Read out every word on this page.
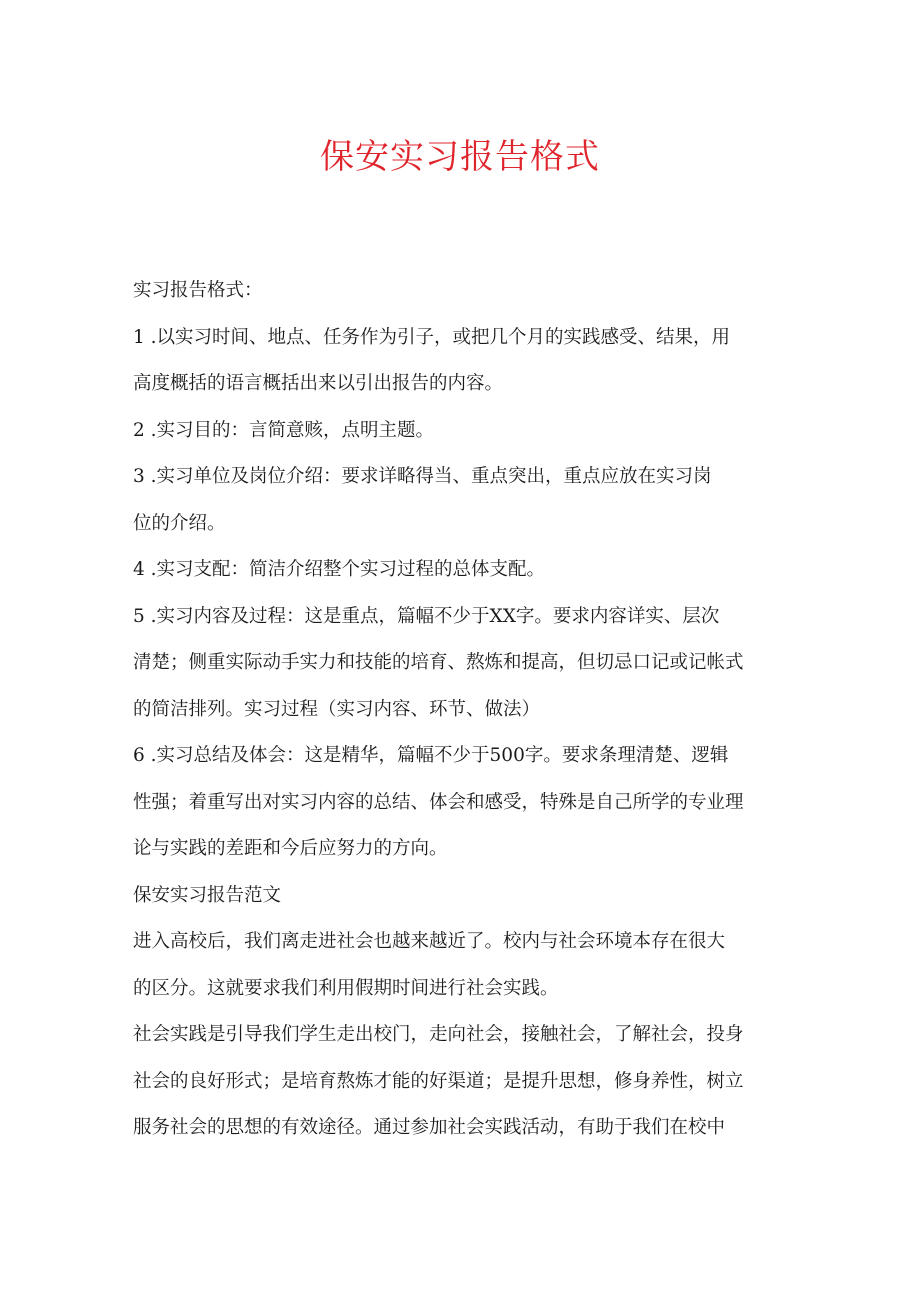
保安实习报告格式

实习报告格式：

1 .以实习时间、地点、任务作为引子，或把几个月的实践感受、结果，用

高度概括的语言概括出来以引出报告的内容。

2 .实习目的：言简意赅，点明主题。

3 .实习单位及岗位介绍：要求详略得当、重点突出，重点应放在实习岗

位的介绍。

4 .实习支配：简洁介绍整个实习过程的总体支配。

5 .实习内容及过程：这是重点，篇幅不少于XX字。要求内容详实、层次

清楚；侧重实际动手实力和技能的培育、熬炼和提高，但切忌口记或记帐式

的简洁排列。实习过程（实习内容、环节、做法）

6 .实习总结及体会：这是精华，篇幅不少于500字。要求条理清楚、逻辑

性强；着重写出对实习内容的总结、体会和感受，特殊是自己所学的专业理

论与实践的差距和今后应努力的方向。

保安实习报告范文

进入高校后，我们离走进社会也越来越近了。校内与社会环境本存在很大

的区分。这就要求我们利用假期时间进行社会实践。

社会实践是引导我们学生走出校门，走向社会，接触社会，了解社会，投身

社会的良好形式；是培育熬炼才能的好渠道；是提升思想，修身养性，树立

服务社会的思想的有效途径。通过参加社会实践活动，有助于我们在校中
